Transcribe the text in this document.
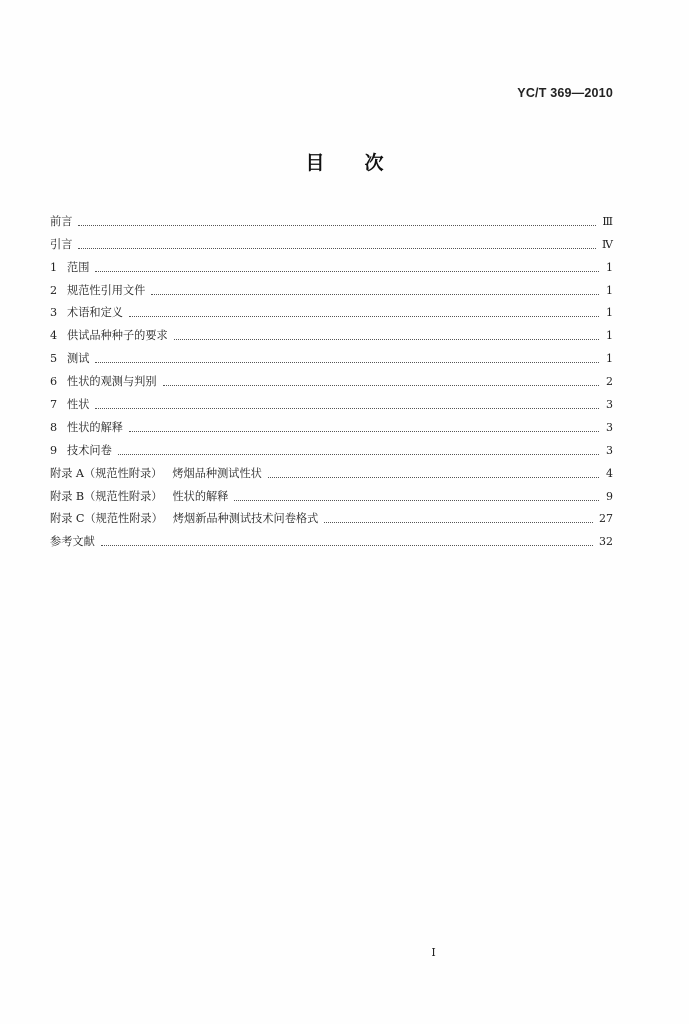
YC/T 369—2010
目 次
前言	Ⅲ
引言	Ⅳ
1 范围	1
2 规范性引用文件	1
3 术语和定义	1
4 供试品种种子的要求	1
5 测试	1
6 性状的观测与判别	2
7 性状	3
8 性状的解释	3
9 技术问卷	3
附录 A（规范性附录） 烤烟品种测试性状	4
附录 B（规范性附录） 性状的解释	9
附录 C（规范性附录） 烤烟新品种测试技术问卷格式	27
参考文献	32
I
